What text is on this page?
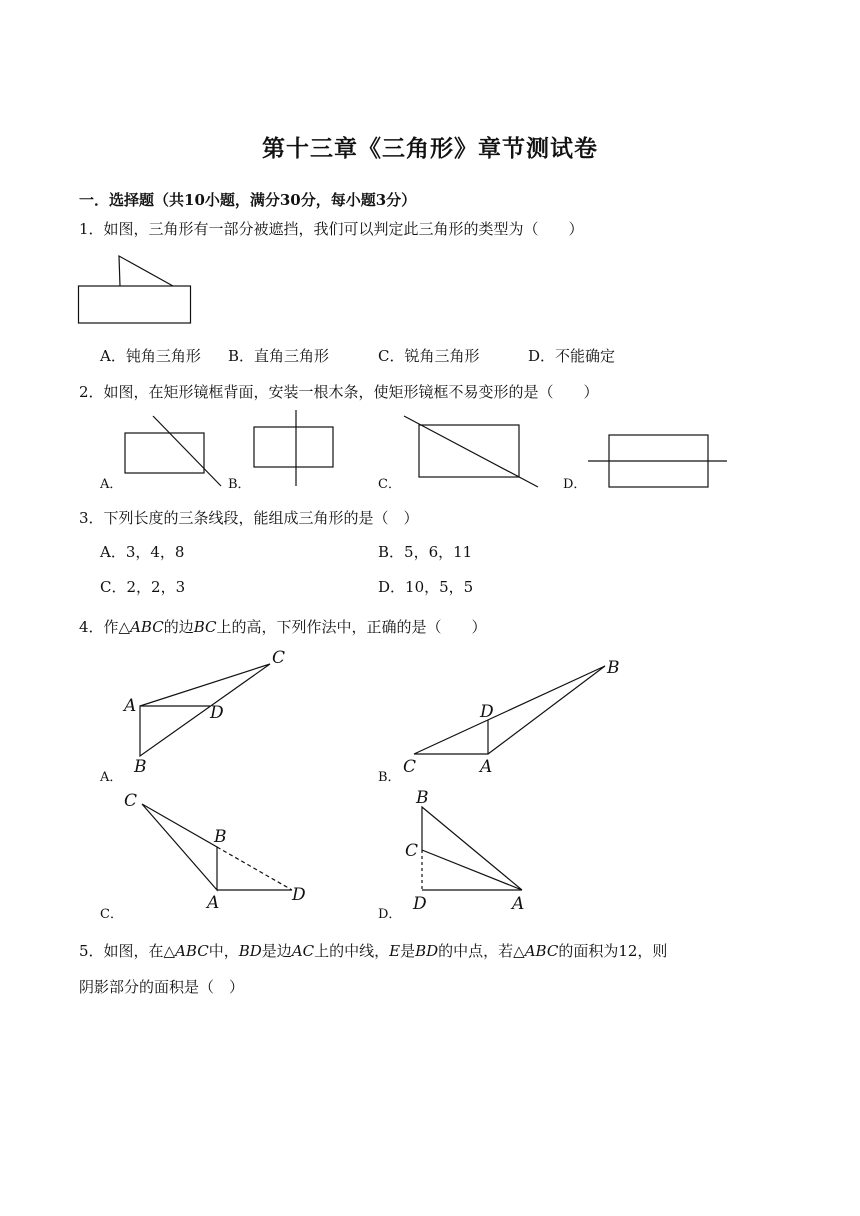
第十三章《三角形》章节测试卷
一．选择题（共10小题，满分30分，每小题3分）
1．如图，三角形有一部分被遮挡，我们可以判定此三角形的类型为（　　）
A．钝角三角形 B．直角三角形	C．锐角三角形	D．不能确定
2．如图，在矩形镜框背面，安装一根木条，使矩形镜框不易变形的是（　　）
A．	B．	C．	D．
3．下列长度的三条线段，能组成三角形的是（　）
A．3，4，8	B．5，6，11
C．2，2，3	D．10，5，5
4．作△ABC的边BC上的高，下列作法中，正确的是（　　）
A．
C
A	D
B
B．
B
D
C	A
C．
C
B
A	D
D．
B
C
D	A
5．如图，在△ABC中，BD是边AC上的中线，E是BD的中点，若△ABC的面积为12，则
阴影部分的面积是（　）
